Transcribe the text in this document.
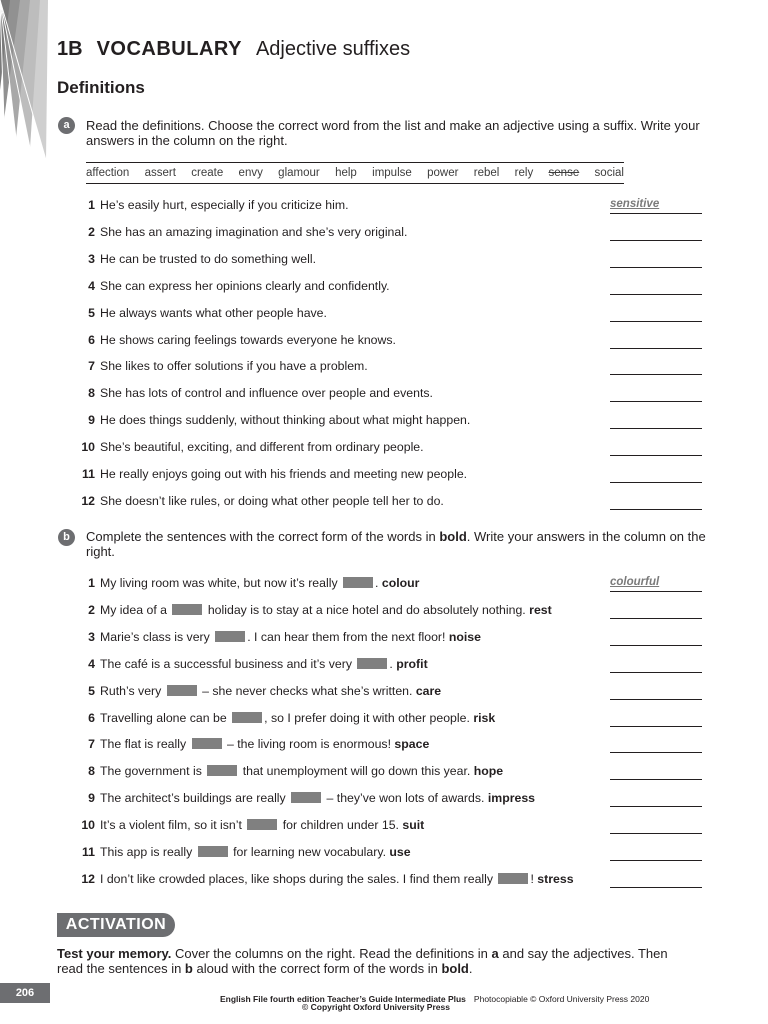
1B VOCABULARY Adjective suffixes
Definitions
a	Read the definitions. Choose the correct word from the list and make an adjective using a suffix. Write your answers in the column on the right.
affection assert create envy glamour help impulse power rebel rely sense social
1 He’s easily hurt, especially if you criticize him.	sensitive
2 She has an amazing imagination and she’s very original.
3 He can be trusted to do something well.
4 She can express her opinions clearly and confidently.
5 He always wants what other people have.
6 He shows caring feelings towards everyone he knows.
7 She likes to offer solutions if you have a problem.
8 She has lots of control and influence over people and events.
9 He does things suddenly, without thinking about what might happen.
10 She’s beautiful, exciting, and different from ordinary people.
11 He really enjoys going out with his friends and meeting new people.
12 She doesn’t like rules, or doing what other people tell her to do.
b	Complete the sentences with the correct form of the words in bold. Write your answers in the column on the right.
1 My living room was white, but now it’s really	. colour	colourful
2 My idea of a	holiday is to stay at a nice hotel and do absolutely nothing. rest
3 Marie’s class is very	. I can hear them from the next floor! noise
4 The café is a successful business and it’s very	. profit
5 Ruth’s very	– she never checks what she’s written. care
6 Travelling alone can be	, so I prefer doing it with other people. risk
7 The flat is really	– the living room is enormous! space
8 The government is	that unemployment will go down this year. hope
9 The architect’s buildings are really	– they’ve won lots of awards. impress
10 It’s a violent film, so it isn’t	for children under 15. suit
11 This app is really	for learning new vocabulary. use
12 I don’t like crowded places, like shops during the sales. I find them really	! stress
ACTIVATION
Test your memory. Cover the columns on the right. Read the definitions in a and say the adjectives. Then read the sentences in b aloud with the correct form of the words in bold.
206	English File fourth edition Teacher’s Guide Intermediate Plus Photocopiable © Oxford University Press 2020
© Copyright Oxford University Press
